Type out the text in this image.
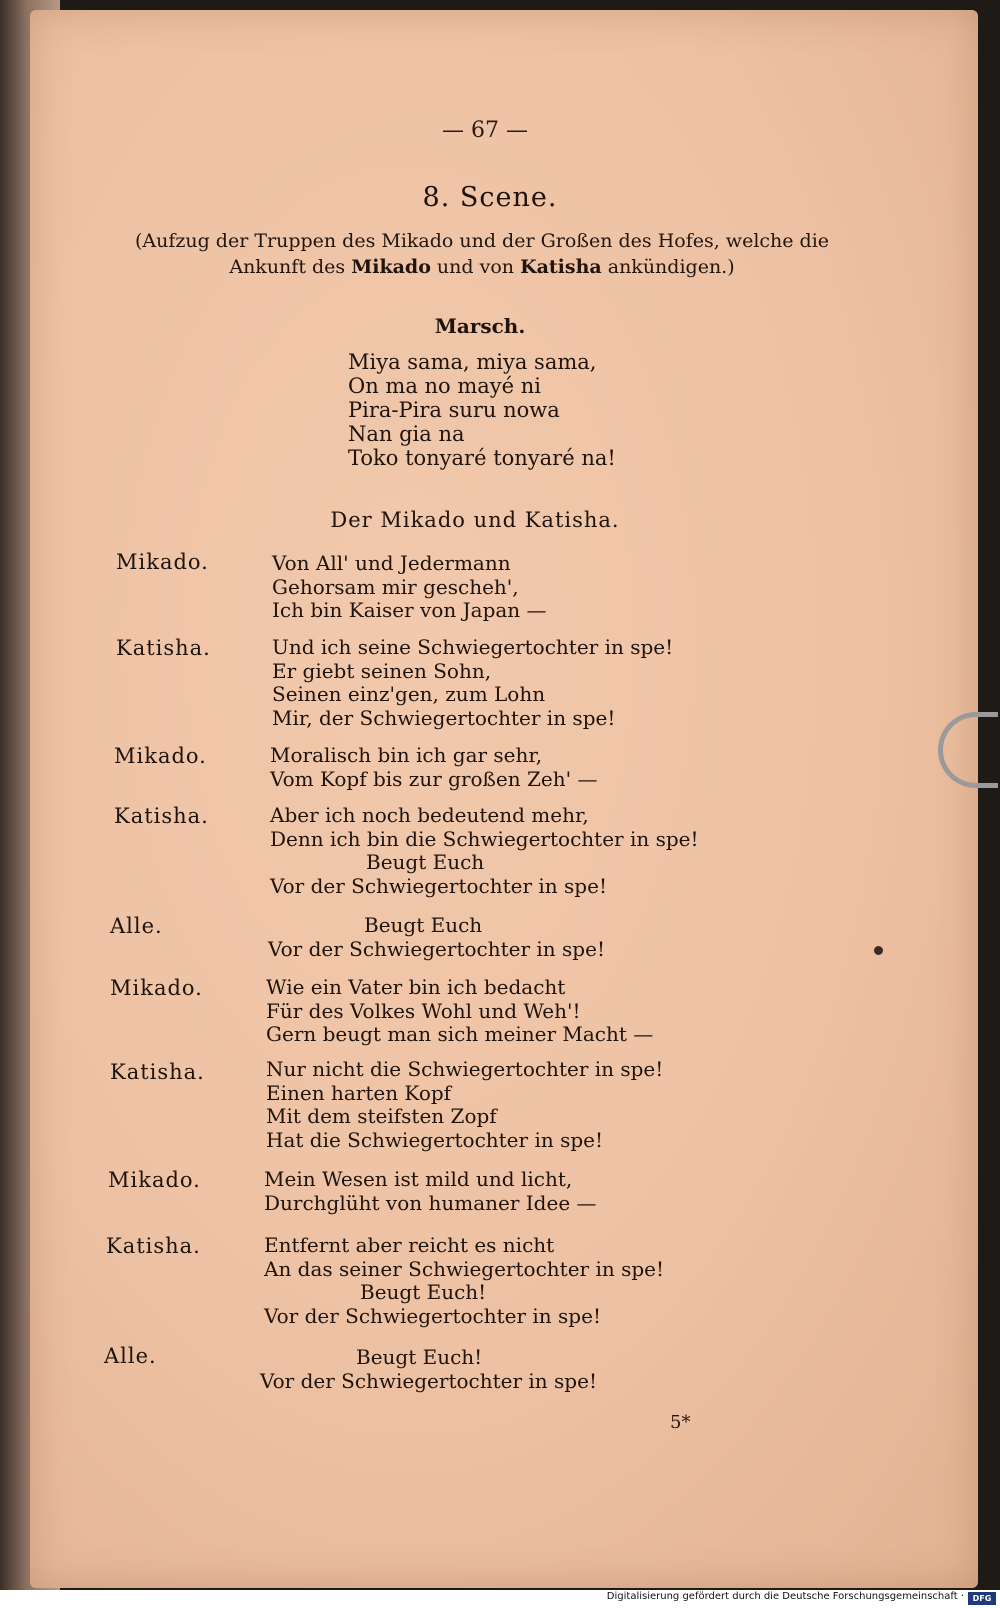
— 67 —
8. Scene.
(Aufzug der Truppen des Mikado und der Großen des Hofes, welche die
Ankunft des Mikado und von Katisha ankündigen.)
Marsch.
Miya sama, miya sama,
On ma no mayé ni
Pira-Pira suru nowa
Nan gia na
Toko tonyaré tonyaré na!
Der Mikado und Katisha.
Mikado.	Von All' und Jedermann
Gehorsam mir gescheh',
Ich bin Kaiser von Japan —
Katisha.	Und ich seine Schwiegertochter in spe!
Er giebt seinen Sohn,
Seinen einz'gen, zum Lohn
Mir, der Schwiegertochter in spe!
Mikado.	Moralisch bin ich gar sehr,
Vom Kopf bis zur großen Zeh' —
Katisha.	Aber ich noch bedeutend mehr,
Denn ich bin die Schwiegertochter in spe!
Beugt Euch
Vor der Schwiegertochter in spe!
Alle.	Beugt Euch
Vor der Schwiegertochter in spe!
Mikado.	Wie ein Vater bin ich bedacht
Für des Volkes Wohl und Weh'!
Gern beugt man sich meiner Macht —
Katisha.	Nur nicht die Schwiegertochter in spe!
Einen harten Kopf
Mit dem steifsten Zopf
Hat die Schwiegertochter in spe!
Mikado.	Mein Wesen ist mild und licht,
Durchglüht von humaner Idee —
Katisha.	Entfernt aber reicht es nicht
An das seiner Schwiegertochter in spe!
Beugt Euch!
Vor der Schwiegertochter in spe!
Alle.	Beugt Euch!
Vor der Schwiegertochter in spe!
5*
Digitalisierung gefördert durch die Deutsche Forschungsgemeinschaft ·	DFG
